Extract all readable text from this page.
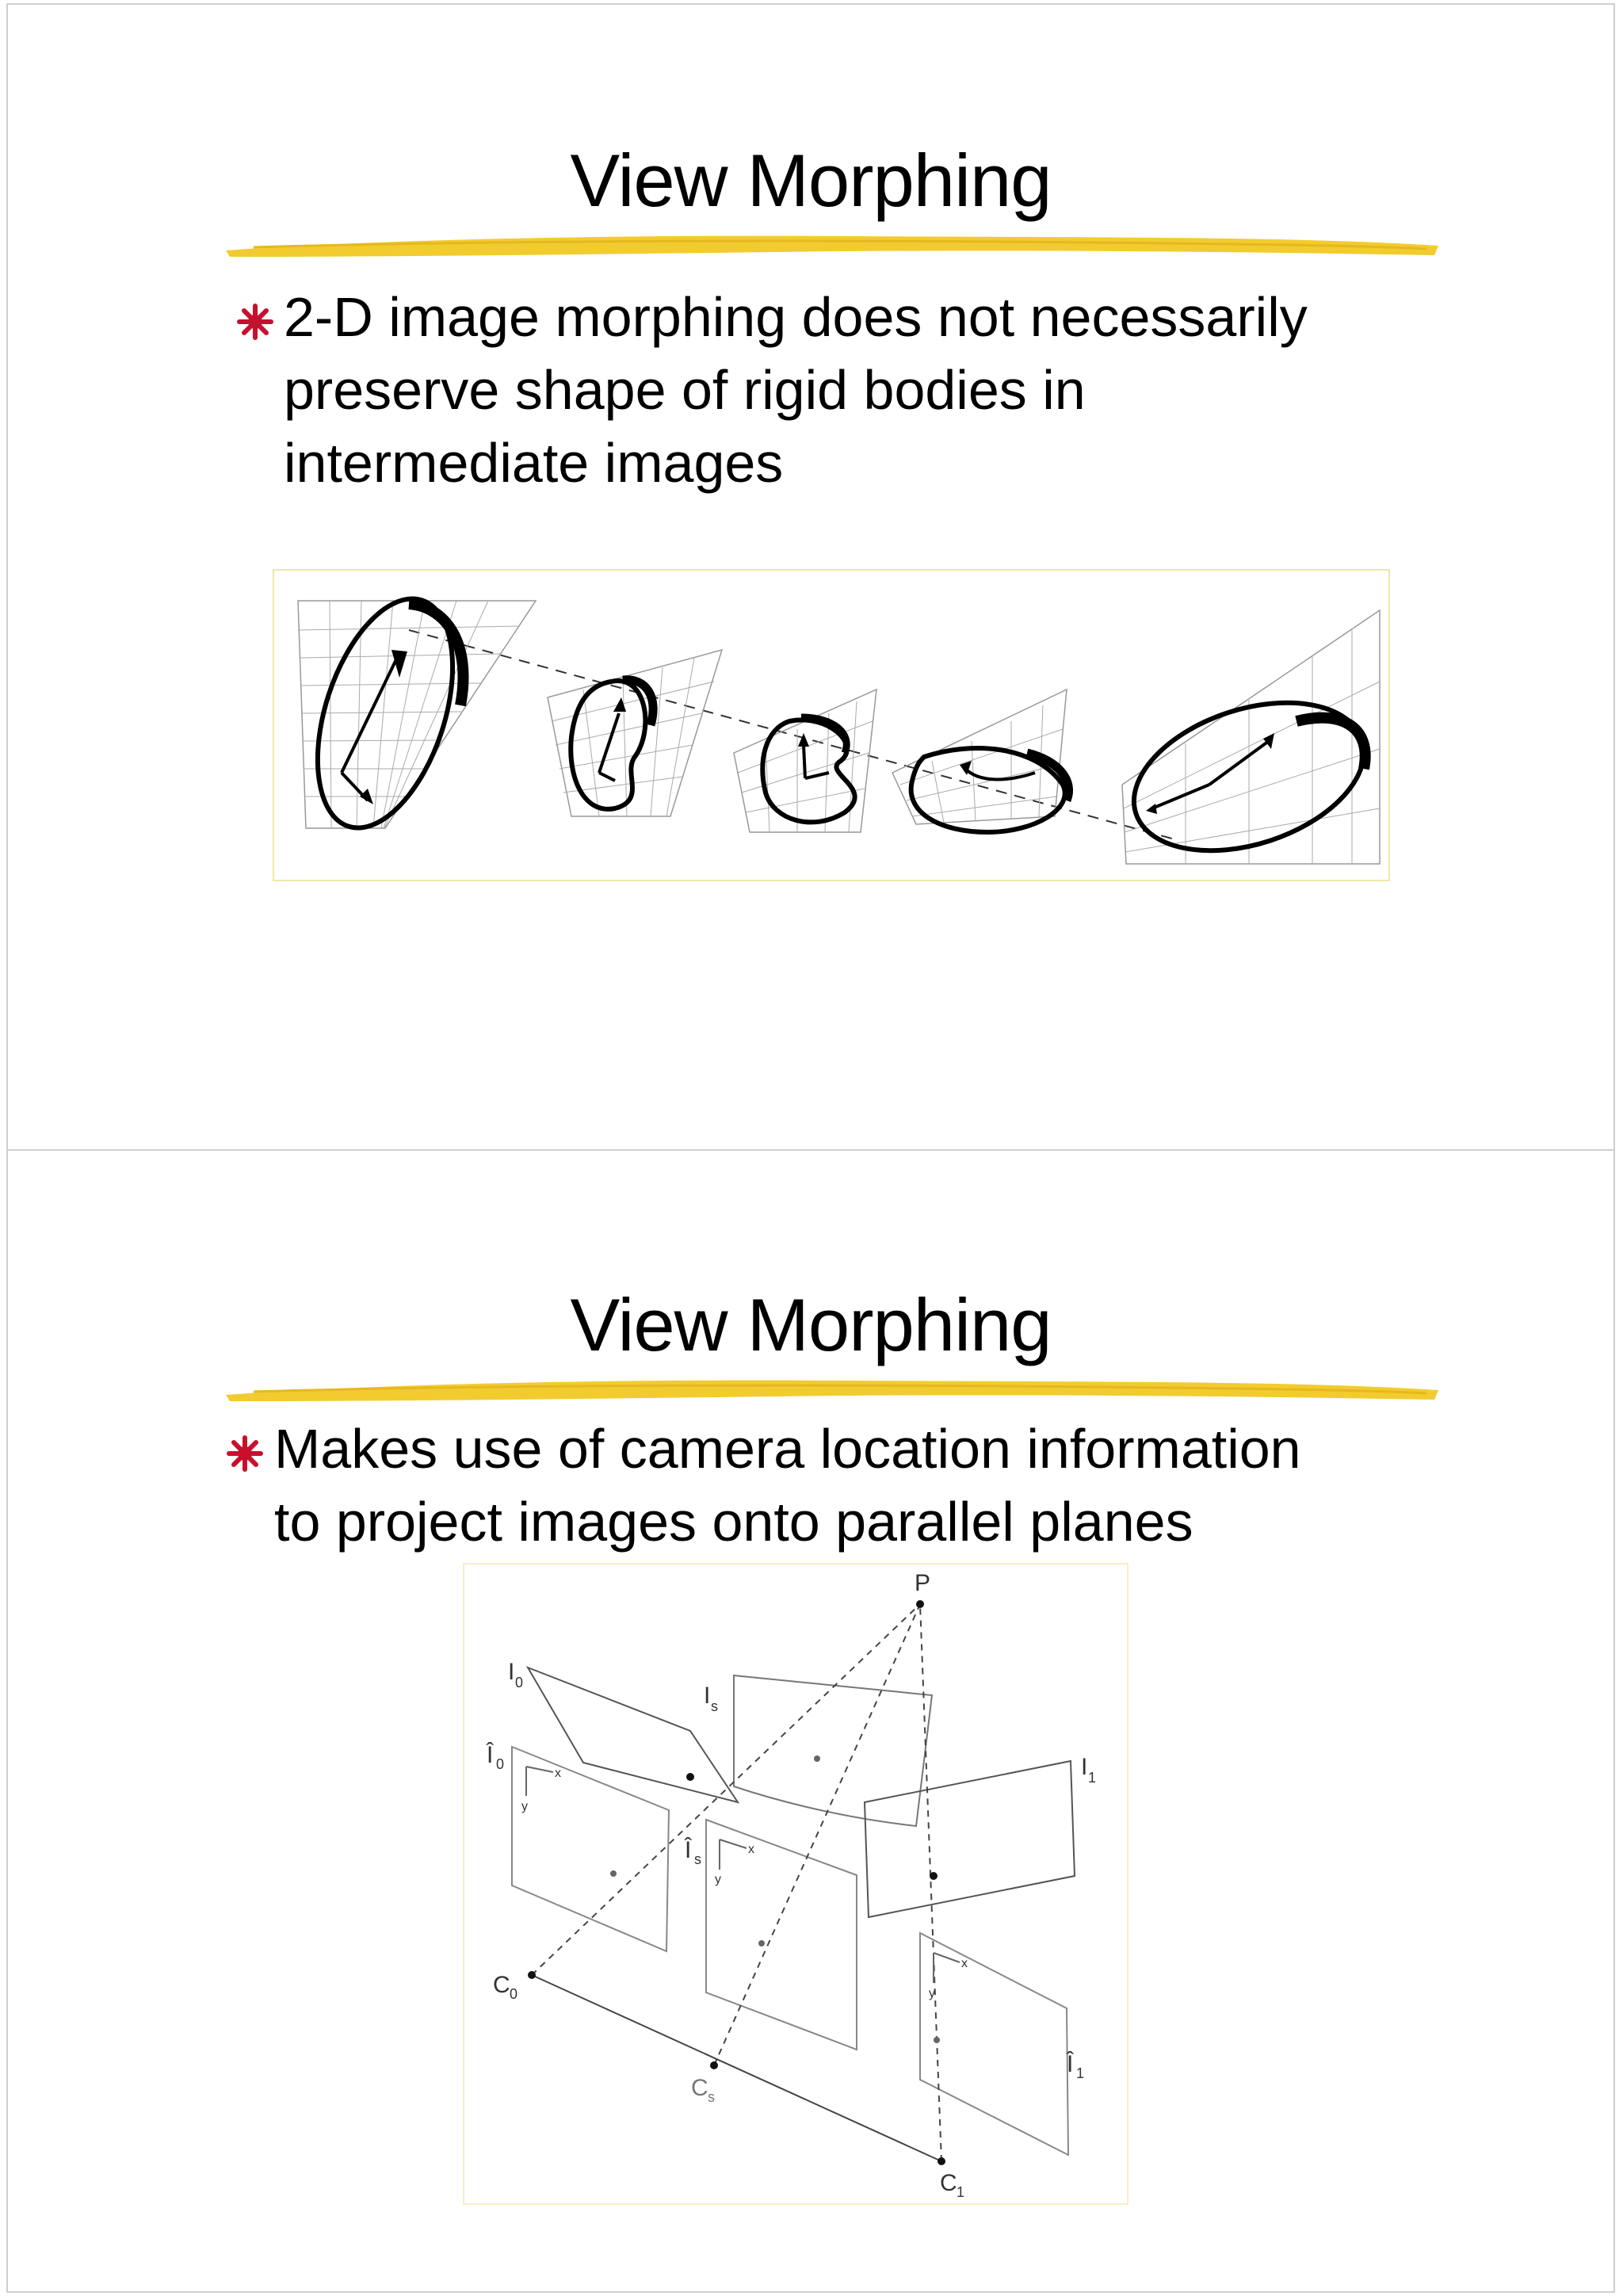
View Morphing
2-D image morphing does not necessarily
preserve shape of rigid bodies in
intermediate images
View Morphing
Makes use of camera location information
to project images onto parallel planes
P
I 0	I s
I 1
Î 0
Î s
Î 1
C 0
C s
C 1
x
y
x
y
x
y
